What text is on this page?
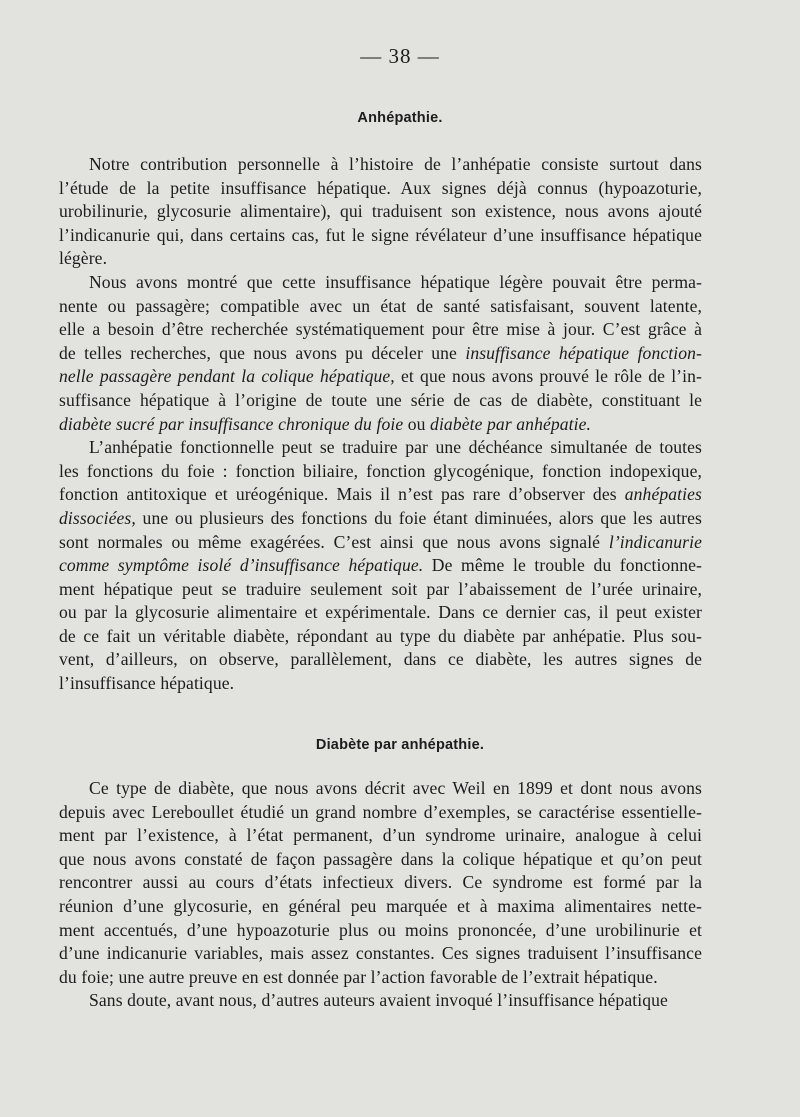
— 38 —
Anhépathie.
Notre contribution personnelle à l’histoire de l’anhépatie consiste surtout dans
l’étude de la petite insuffisance hépatique. Aux signes déjà connus (hypoazoturie,
urobilinurie, glycosurie alimentaire), qui traduisent son existence, nous avons ajouté
l’indicanurie qui, dans certains cas, fut le signe révélateur d’une insuffisance hépatique
légère.
Nous avons montré que cette insuffisance hépatique légère pouvait être perma-
nente ou passagère; compatible avec un état de santé satisfaisant, souvent latente,
elle a besoin d’être recherchée systématiquement pour être mise à jour. C’est grâce à
de telles recherches, que nous avons pu déceler une insuffisance hépatique fonction-
nelle passagère pendant la colique hépatique, et que nous avons prouvé le rôle de l’in-
suffisance hépatique à l’origine de toute une série de cas de diabète, constituant le
diabète sucré par insuffisance chronique du foie ou diabète par anhépatie.
L’anhépatie fonctionnelle peut se traduire par une déchéance simultanée de toutes
les fonctions du foie : fonction biliaire, fonction glycogénique, fonction indopexique,
fonction antitoxique et uréogénique. Mais il n’est pas rare d’observer des anhépaties
dissociées, une ou plusieurs des fonctions du foie étant diminuées, alors que les autres
sont normales ou même exagérées. C’est ainsi que nous avons signalé l’indicanurie
comme symptôme isolé d’insuffisance hépatique. De même le trouble du fonctionne-
ment hépatique peut se traduire seulement soit par l’abaissement de l’urée urinaire,
ou par la glycosurie alimentaire et expérimentale. Dans ce dernier cas, il peut exister
de ce fait un véritable diabète, répondant au type du diabète par anhépatie. Plus sou-
vent, d’ailleurs, on observe, parallèlement, dans ce diabète, les autres signes de
l’insuffisance hépatique.
Diabète par anhépathie.
Ce type de diabète, que nous avons décrit avec Weil en 1899 et dont nous avons
depuis avec Lereboullet étudié un grand nombre d’exemples, se caractérise essentielle-
ment par l’existence, à l’état permanent, d’un syndrome urinaire, analogue à celui
que nous avons constaté de façon passagère dans la colique hépatique et qu’on peut
rencontrer aussi au cours d’états infectieux divers. Ce syndrome est formé par la
réunion d’une glycosurie, en général peu marquée et à maxima alimentaires nette-
ment accentués, d’une hypoazoturie plus ou moins prononcée, d’une urobilinurie et
d’une indicanurie variables, mais assez constantes. Ces signes traduisent l’insuffisance
du foie; une autre preuve en est donnée par l’action favorable de l’extrait hépatique.
Sans doute, avant nous, d’autres auteurs avaient invoqué l’insuffisance hépatique
